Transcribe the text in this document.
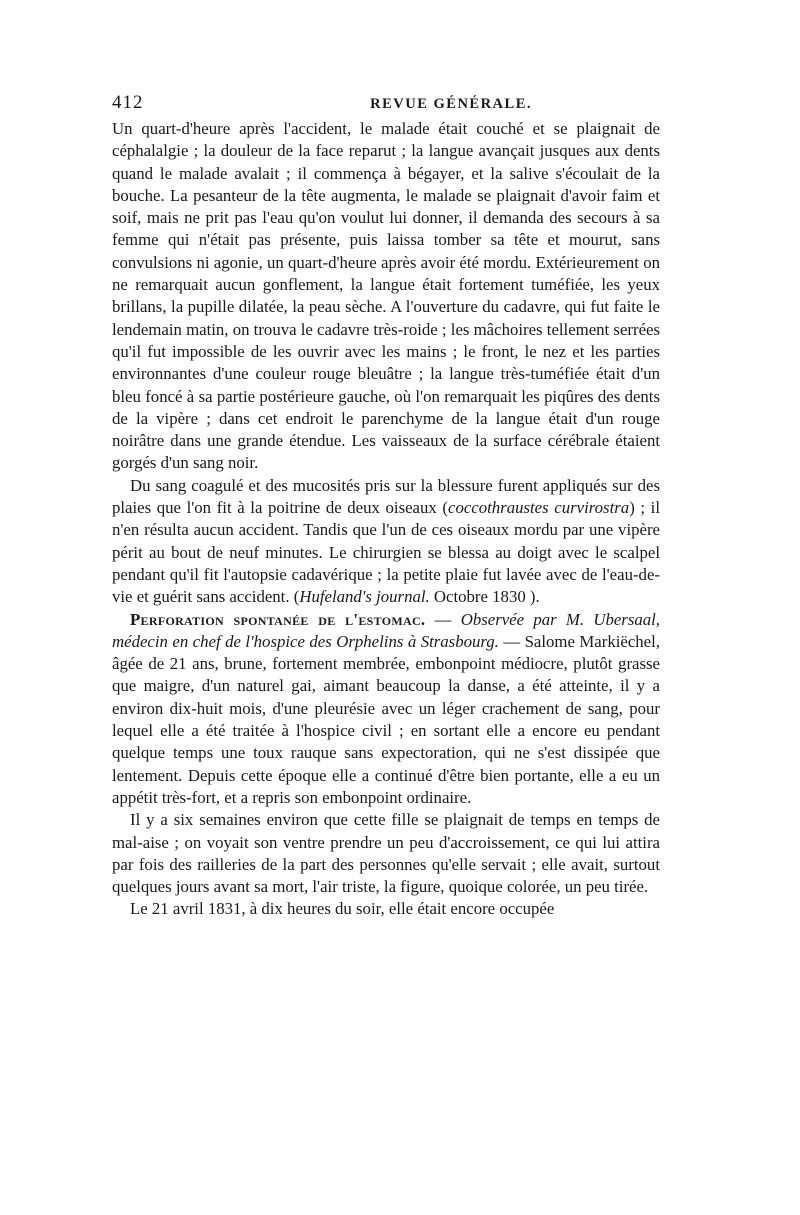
412	REVUE GÉNÉRALE.

Un quart-d'heure après l'accident, le malade était couché et se plaignait de céphalalgie ; la douleur de la face reparut ; la langue avançait jusques aux dents quand le malade avalait ; il commença à bégayer, et la salive s'écoulait de la bouche. La pesanteur de la tête augmenta, le malade se plaignait d'avoir faim et soif, mais ne prit pas l'eau qu'on voulut lui donner, il demanda des secours à sa femme qui n'était pas présente, puis laissa tomber sa tête et mourut, sans convulsions ni agonie, un quart-d'heure après avoir été mordu. Extérieurement on ne remarquait aucun gonflement, la langue était fortement tuméfiée, les yeux brillans, la pupille dilatée, la peau sèche. A l'ouverture du cadavre, qui fut faite le lendemain matin, on trouva le cadavre très-roide ; les mâchoires tellement serrées qu'il fut impossible de les ouvrir avec les mains ; le front, le nez et les parties environnantes d'une couleur rouge bleuâtre ; la langue très-tuméfiée était d'un bleu foncé à sa partie postérieure gauche, où l'on remarquait les piqûres des dents de la vipère ; dans cet endroit le parenchyme de la langue était d'un rouge noirâtre dans une grande étendue. Les vaisseaux de la surface cérébrale étaient gorgés d'un sang noir.

Du sang coagulé et des mucosités pris sur la blessure furent appliqués sur des plaies que l'on fit à la poitrine de deux oiseaux (coccothraustes curvirostra) ; il n'en résulta aucun accident. Tandis que l'un de ces oiseaux mordu par une vipère périt au bout de neuf minutes. Le chirurgien se blessa au doigt avec le scalpel pendant qu'il fit l'autopsie cadavérique ; la petite plaie fut lavée avec de l'eau-de-vie et guérit sans accident. (Hufeland's journal. Octobre 1830 ).

Perforation spontanée de l'estomac. — Observée par M. Ubersaal, médecin en chef de l'hospice des Orphelins à Strasbourg. — Salome Markiëchel, âgée de 21 ans, brune, fortement membrée, embonpoint médiocre, plutôt grasse que maigre, d'un naturel gai, aimant beaucoup la danse, a été atteinte, il y a environ dix-huit mois, d'une pleurésie avec un léger crachement de sang, pour lequel elle a été traitée à l'hospice civil ; en sortant elle a encore eu pendant quelque temps une toux rauque sans expectoration, qui ne s'est dissipée que lentement. Depuis cette époque elle a continué d'être bien portante, elle a eu un appétit très-fort, et a repris son embonpoint ordinaire.

Il y a six semaines environ que cette fille se plaignait de temps en temps de mal-aise ; on voyait son ventre prendre un peu d'accroissement, ce qui lui attira par fois des railleries de la part des personnes qu'elle servait ; elle avait, surtout quelques jours avant sa mort, l'air triste, la figure, quoique colorée, un peu tirée.

Le 21 avril 1831, à dix heures du soir, elle était encore occupée
